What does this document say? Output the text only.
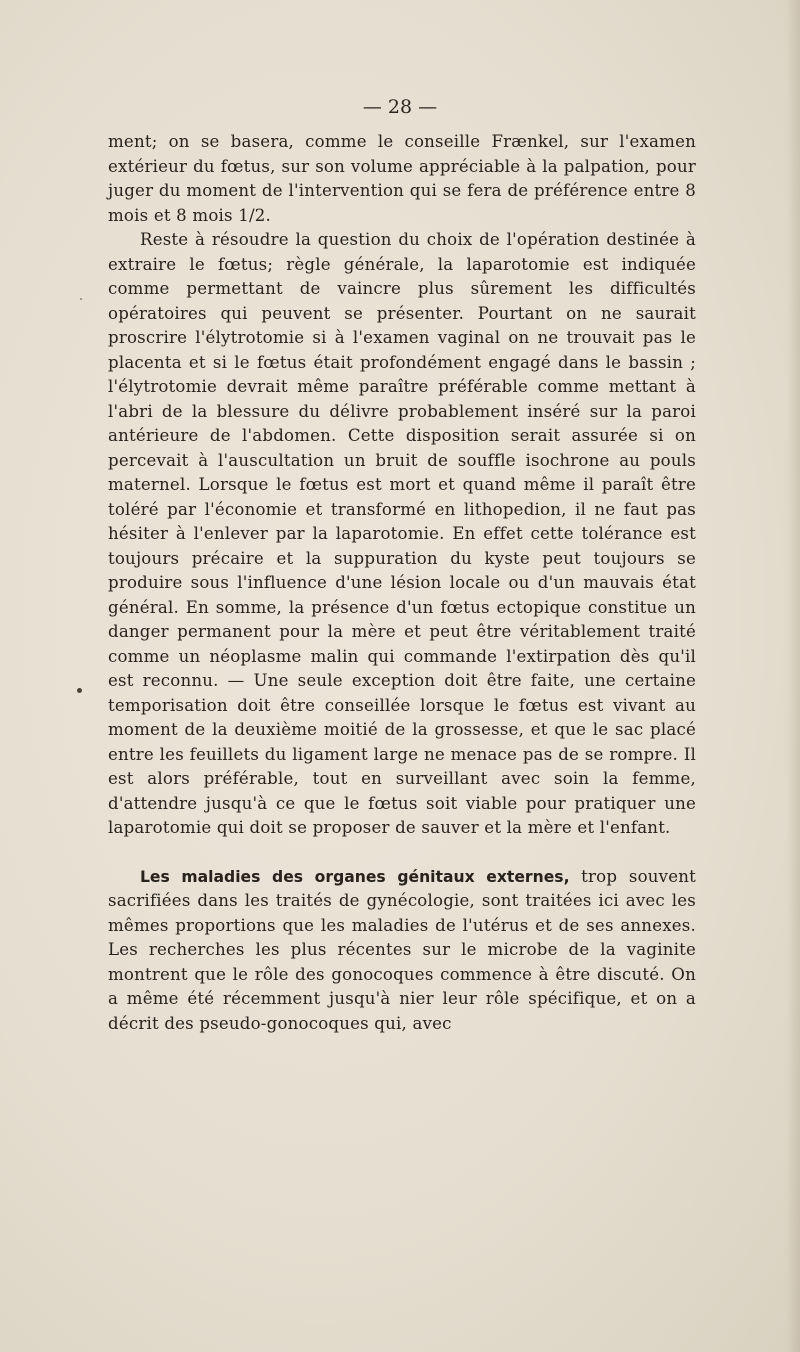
— 28 —

ment; on se basera, comme le conseille Frænkel, sur l'examen extérieur du fœtus, sur son volume appréciable à la palpation, pour juger du moment de l'intervention qui se fera de préférence entre 8 mois et 8 mois 1/2.

Reste à résoudre la question du choix de l'opération destinée à extraire le fœtus; règle générale, la laparotomie est indiquée comme permettant de vaincre plus sûrement les difficultés opératoires qui peuvent se présenter. Pourtant on ne saurait proscrire l'élytrotomie si à l'examen vaginal on ne trouvait pas le placenta et si le fœtus était profondément engagé dans le bassin ; l'élytrotomie devrait même paraître préférable comme mettant à l'abri de la blessure du délivre probablement inséré sur la paroi antérieure de l'abdomen. Cette disposition serait assurée si on percevait à l'auscultation un bruit de souffle isochrone au pouls maternel. Lorsque le fœtus est mort et quand même il paraît être toléré par l'économie et transformé en lithopedion, il ne faut pas hésiter à l'enlever par la laparotomie. En effet cette tolérance est toujours précaire et la suppuration du kyste peut toujours se produire sous l'influence d'une lésion locale ou d'un mauvais état général. En somme, la présence d'un fœtus ectopique constitue un danger permanent pour la mère et peut être véritablement traité comme un néoplasme malin qui commande l'extirpation dès qu'il est reconnu. — Une seule exception doit être faite, une certaine temporisation doit être conseillée lorsque le fœtus est vivant au moment de la deuxième moitié de la grossesse, et que le sac placé entre les feuillets du ligament large ne menace pas de se rompre. Il est alors préférable, tout en surveillant avec soin la femme, d'attendre jusqu'à ce que le fœtus soit viable pour pratiquer une laparotomie qui doit se proposer de sauver et la mère et l'enfant.

Les maladies des organes génitaux externes, trop souvent sacrifiées dans les traités de gynécologie, sont traitées ici avec les mêmes proportions que les maladies de l'utérus et de ses annexes. Les recherches les plus récentes sur le microbe de la vaginite montrent que le rôle des gonocoques commence à être discuté. On a même été récemment jusqu'à nier leur rôle spécifique, et on a décrit des pseudo-gonocoques qui, avec
